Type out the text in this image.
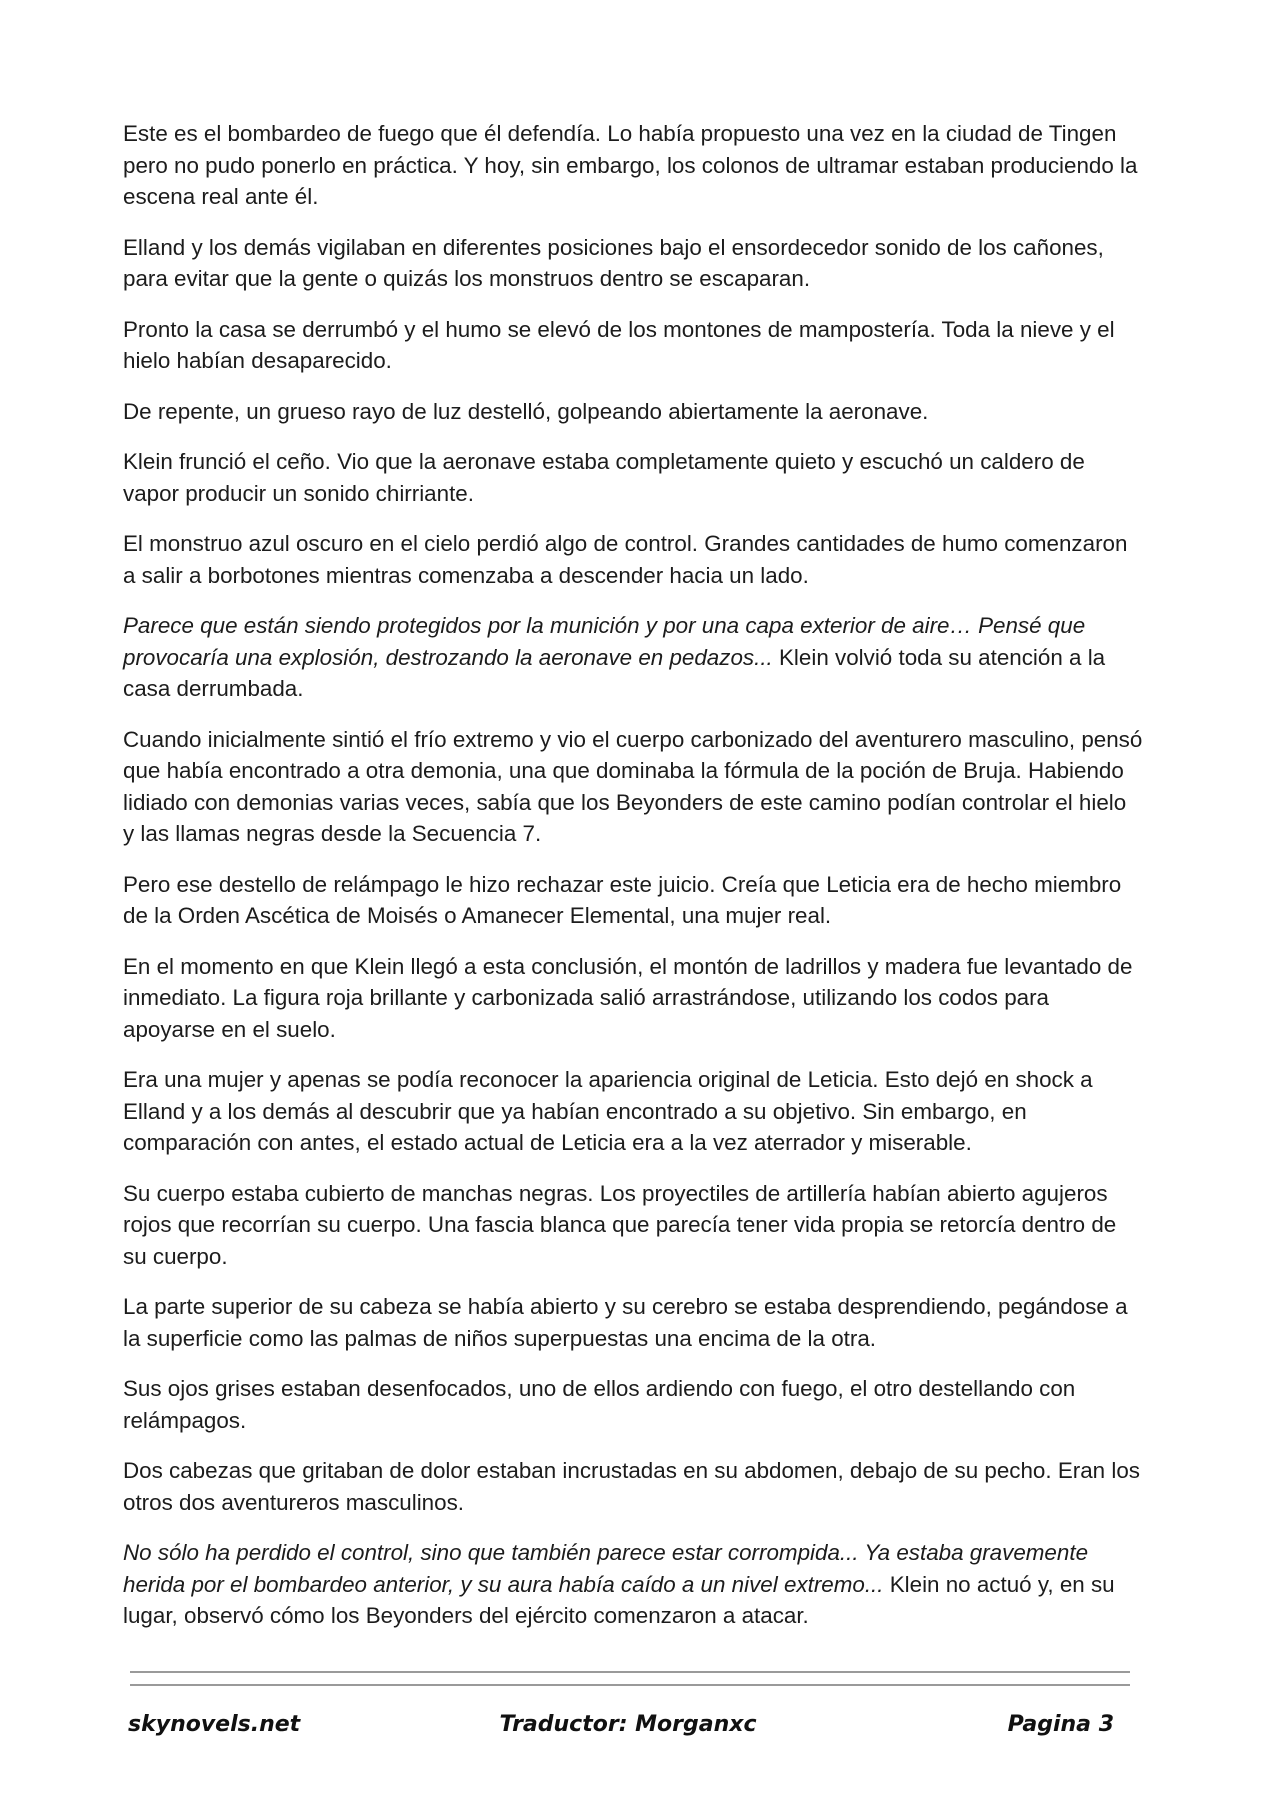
Este es el bombardeo de fuego que él defendía. Lo había propuesto una vez en la ciudad de Tingen pero no pudo ponerlo en práctica. Y hoy, sin embargo, los colonos de ultramar estaban produciendo la escena real ante él.

Elland y los demás vigilaban en diferentes posiciones bajo el ensordecedor sonido de los cañones, para evitar que la gente o quizás los monstruos dentro se escaparan.

Pronto la casa se derrumbó y el humo se elevó de los montones de mampostería. Toda la nieve y el hielo habían desaparecido.

De repente, un grueso rayo de luz destelló, golpeando abiertamente la aeronave.

Klein frunció el ceño. Vio que la aeronave estaba completamente quieto y escuchó un caldero de vapor producir un sonido chirriante.

El monstruo azul oscuro en el cielo perdió algo de control. Grandes cantidades de humo comenzaron a salir a borbotones mientras comenzaba a descender hacia un lado.

Parece que están siendo protegidos por la munición y por una capa exterior de aire… Pensé que provocaría una explosión, destrozando la aeronave en pedazos... Klein volvió toda su atención a la casa derrumbada.

Cuando inicialmente sintió el frío extremo y vio el cuerpo carbonizado del aventurero masculino, pensó que había encontrado a otra demonia, una que dominaba la fórmula de la poción de Bruja. Habiendo lidiado con demonias varias veces, sabía que los Beyonders de este camino podían controlar el hielo y las llamas negras desde la Secuencia 7.

Pero ese destello de relámpago le hizo rechazar este juicio. Creía que Leticia era de hecho miembro de la Orden Ascética de Moisés o Amanecer Elemental, una mujer real.

En el momento en que Klein llegó a esta conclusión, el montón de ladrillos y madera fue levantado de inmediato. La figura roja brillante y carbonizada salió arrastrándose, utilizando los codos para apoyarse en el suelo.

Era una mujer y apenas se podía reconocer la apariencia original de Leticia. Esto dejó en shock a Elland y a los demás al descubrir que ya habían encontrado a su objetivo. Sin embargo, en comparación con antes, el estado actual de Leticia era a la vez aterrador y miserable.

Su cuerpo estaba cubierto de manchas negras. Los proyectiles de artillería habían abierto agujeros rojos que recorrían su cuerpo. Una fascia blanca que parecía tener vida propia se retorcía dentro de su cuerpo.

La parte superior de su cabeza se había abierto y su cerebro se estaba desprendiendo, pegándose a la superficie como las palmas de niños superpuestas una encima de la otra.

Sus ojos grises estaban desenfocados, uno de ellos ardiendo con fuego, el otro destellando con relámpagos.

Dos cabezas que gritaban de dolor estaban incrustadas en su abdomen, debajo de su pecho. Eran los otros dos aventureros masculinos.

No sólo ha perdido el control, sino que también parece estar corrompida... Ya estaba gravemente herida por el bombardeo anterior, y su aura había caído a un nivel extremo... Klein no actuó y, en su lugar, observó cómo los Beyonders del ejército comenzaron a atacar.

skynovels.net	Traductor: Morganxc	Pagina 3
